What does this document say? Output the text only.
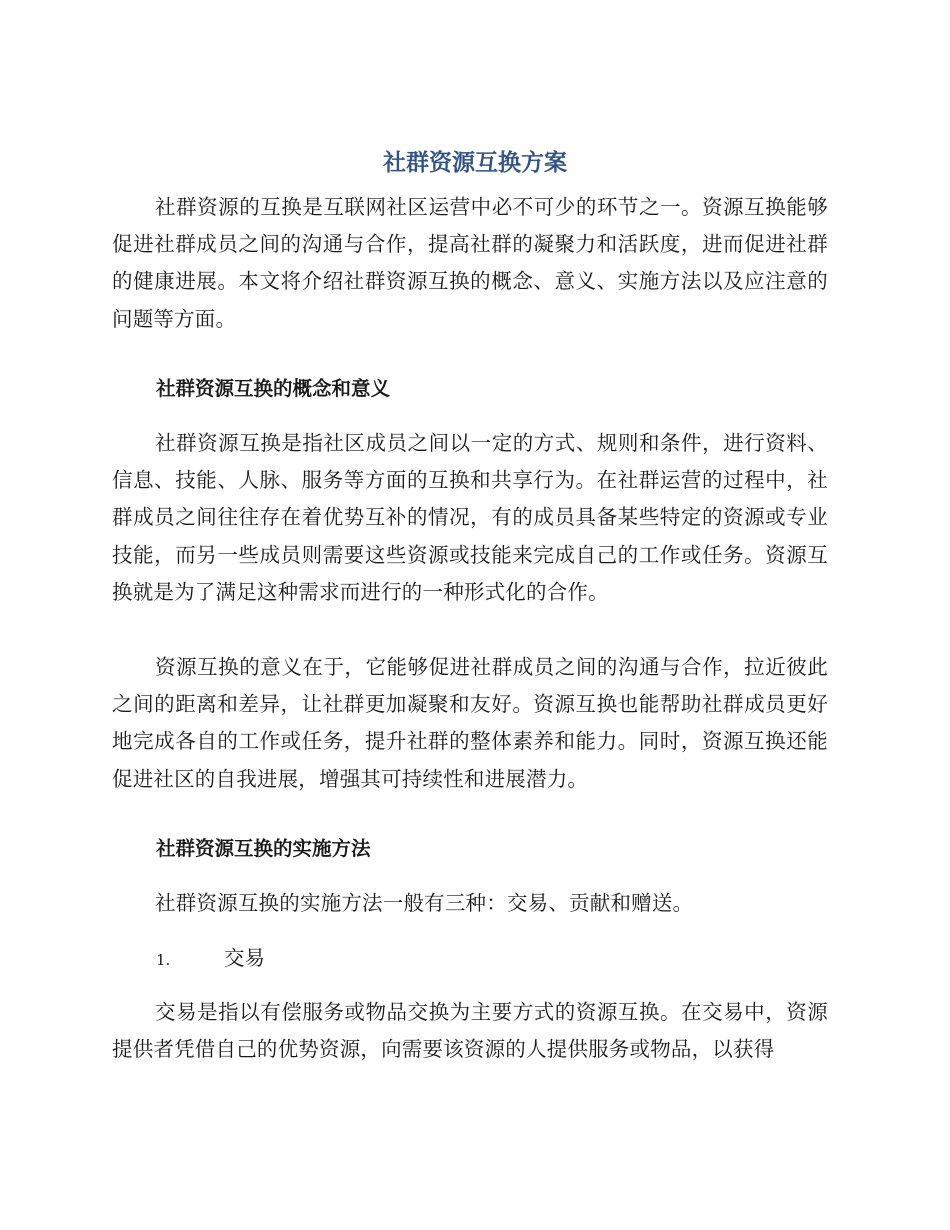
社群资源互换方案

社群资源的互换是互联网社区运营中必不可少的环节之一。资源互换能够促进社群成员之间的沟通与合作，提高社群的凝聚力和活跃度，进而促进社群的健康进展。本文将介绍社群资源互换的概念、意义、实施方法以及应注意的问题等方面。

社群资源互换的概念和意义

社群资源互换是指社区成员之间以一定的方式、规则和条件，进行资料、信息、技能、人脉、服务等方面的互换和共享行为。在社群运营的过程中，社群成员之间往往存在着优势互补的情况，有的成员具备某些特定的资源或专业技能，而另一些成员则需要这些资源或技能来完成自己的工作或任务。资源互换就是为了满足这种需求而进行的一种形式化的合作。

资源互换的意义在于，它能够促进社群成员之间的沟通与合作，拉近彼此之间的距离和差异，让社群更加凝聚和友好。资源互换也能帮助社群成员更好地完成各自的工作或任务，提升社群的整体素养和能力。同时，资源互换还能促进社区的自我进展，增强其可持续性和进展潜力。

社群资源互换的实施方法

社群资源互换的实施方法一般有三种：交易、贡献和赠送。

1.	交易

交易是指以有偿服务或物品交换为主要方式的资源互换。在交易中，资源提供者凭借自己的优势资源，向需要该资源的人提供服务或物品，以获得
